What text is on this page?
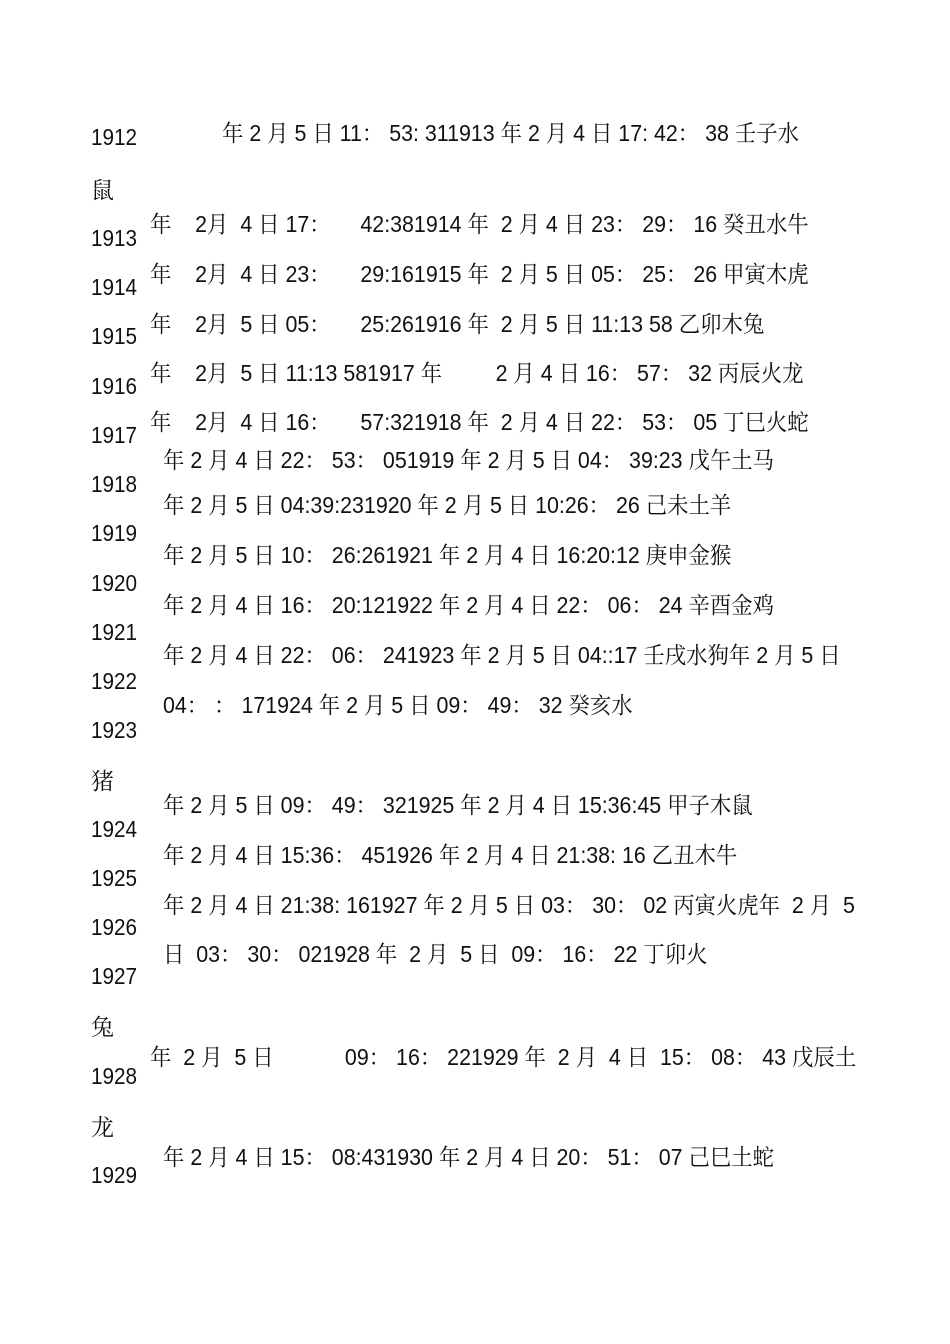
1912	年 2 月 5 日 11： 53: 311913 年 2 月 4 日 17: 42： 38 壬子水
鼠
1913
年    2月  4 日 17：     42:381914 年  2 月 4 日 23： 29： 16 癸丑水牛
1914 年    2月  4 日 23：     29:161915 年  2 月 5 日 05： 25： 26 甲寅木虎
1915 年    2月  5 日 05：     25:261916 年  2 月 5 日 11:13 58 乙卯木兔
1916 年    2月  5 日 11:13 581917 年         2 月 4 日 16： 57： 32 丙辰火龙
1917 年    2月  4 日 16：     57:321918 年  2 月 4 日 22： 53： 05 丁巳火蛇
年 2 月 4 日 22： 53： 051919 年 2 月 5 日 04： 39:23 戊午土马
1918
年 2 月 5 日 04:39:231920 年 2 月 5 日 10:26： 26 己未土羊
1919
年 2 月 5 日 10： 26:261921 年 2 月 4 日 16:20:12 庚申金猴
1920
年 2 月 4 日 16： 20:121922 年 2 月 4 日 22： 06： 24 辛酉金鸡
1921
年 2 月 4 日 22： 06： 241923 年 2 月 5 日 04::17 壬戌水狗年 2 月 5 日
1922
04： ： 171924 年 2 月 5 日 09： 49： 32 癸亥水
1923
猪
年 2 月 5 日 09： 49： 321925 年 2 月 4 日 15:36:45 甲子木鼠
1924
年 2 月 4 日 15:36： 451926 年 2 月 4 日 21:38: 16 乙丑木牛
1925
年 2 月 4 日 21:38: 161927 年 2 月 5 日 03： 30： 02 丙寅火虎年  2 月  5
1926
日  03： 30： 021928 年  2 月  5 日  09： 16： 22 丁卯火
1927
兔
年  2 月  5 日            09： 16： 221929 年  2 月  4 日  15： 08： 43 戊辰土
1928
龙
年 2 月 4 日 15： 08:431930 年 2 月 4 日 20： 51： 07 己巳土蛇
1929
